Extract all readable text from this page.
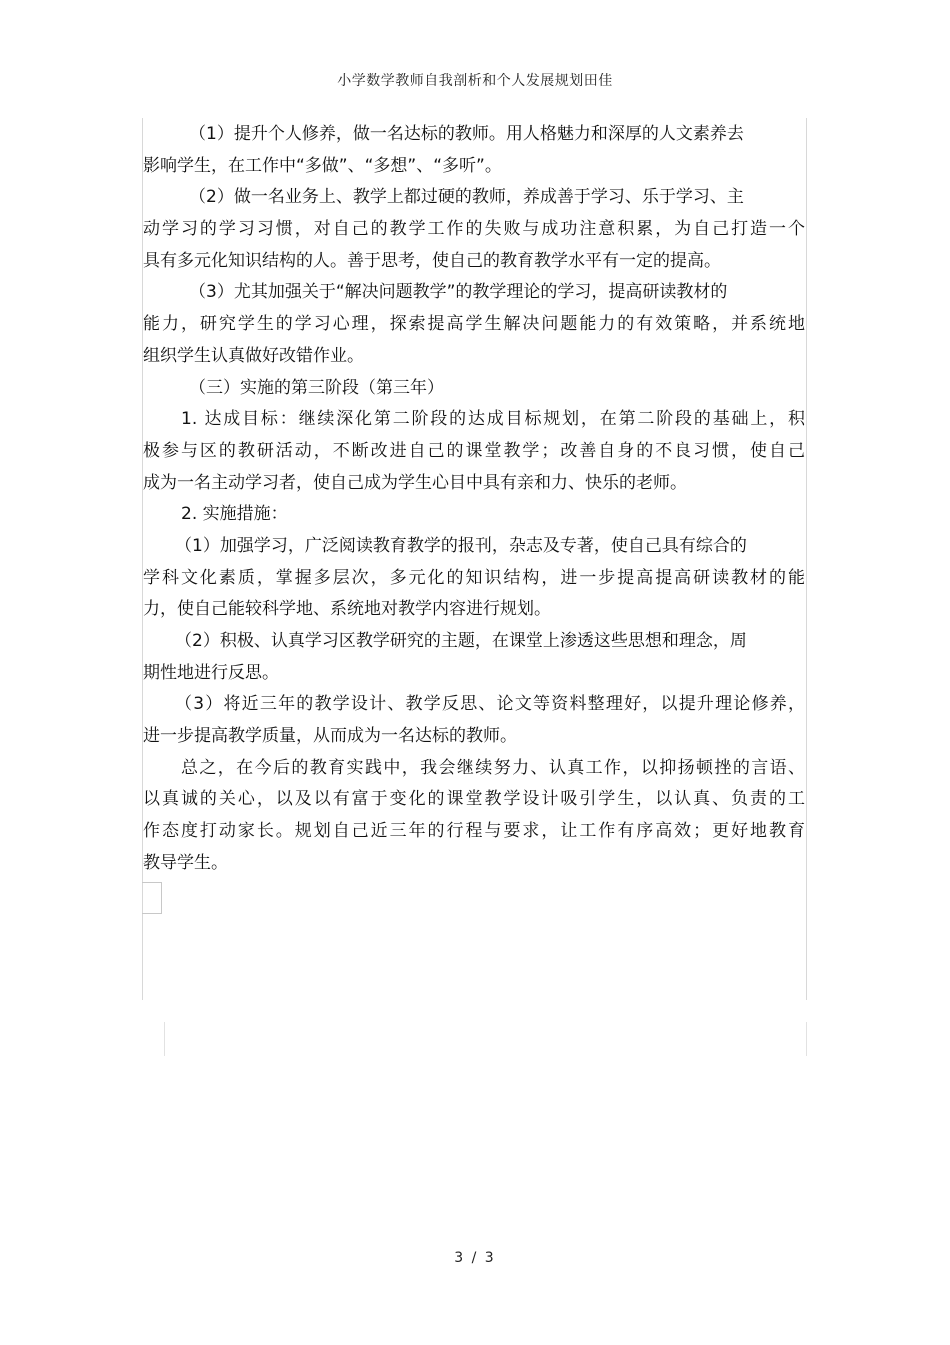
小学数学教师自我剖析和个人发展规划田佳
（1）提升个人修养，做一名达标的教师。用人格魅力和深厚的人文素养去
影响学生，在工作中“多做”、“多想”、“多听”。
（2）做一名业务上、教学上都过硬的教师，养成善于学习、乐于学习、主
动学习的学习习惯，对自己的教学工作的失败与成功注意积累，为自己打造一个
具有多元化知识结构的人。善于思考，使自己的教育教学水平有一定的提高。
（3）尤其加强关于“解决问题教学”的教学理论的学习，提高研读教材的
能力，研究学生的学习心理，探索提高学生解决问题能力的有效策略，并系统地
组织学生认真做好改错作业。
（三）实施的第三阶段（第三年）
1. 达成目标：继续深化第二阶段的达成目标规划，在第二阶段的基础上，积
极参与区的教研活动，不断改进自己的课堂教学；改善自身的不良习惯，使自己
成为一名主动学习者，使自己成为学生心目中具有亲和力、快乐的老师。
2. 实施措施：
（1）加强学习，广泛阅读教育教学的报刊，杂志及专著，使自己具有综合的
学科文化素质，掌握多层次，多元化的知识结构，进一步提高提高研读教材的能
力，使自己能较科学地、系统地对教学内容进行规划。
（2）积极、认真学习区教学研究的主题，在课堂上渗透这些思想和理念，周
期性地进行反思。
（3）将近三年的教学设计、教学反思、论文等资料整理好，以提升理论修养，
进一步提高教学质量，从而成为一名达标的教师。
总之，在今后的教育实践中，我会继续努力、认真工作，以抑扬顿挫的言语、
以真诚的关心，以及以有富于变化的课堂教学设计吸引学生，以认真、负责的工
作态度打动家长。规划自己近三年的行程与要求，让工作有序高效；更好地教育
教导学生。
3 / 3
